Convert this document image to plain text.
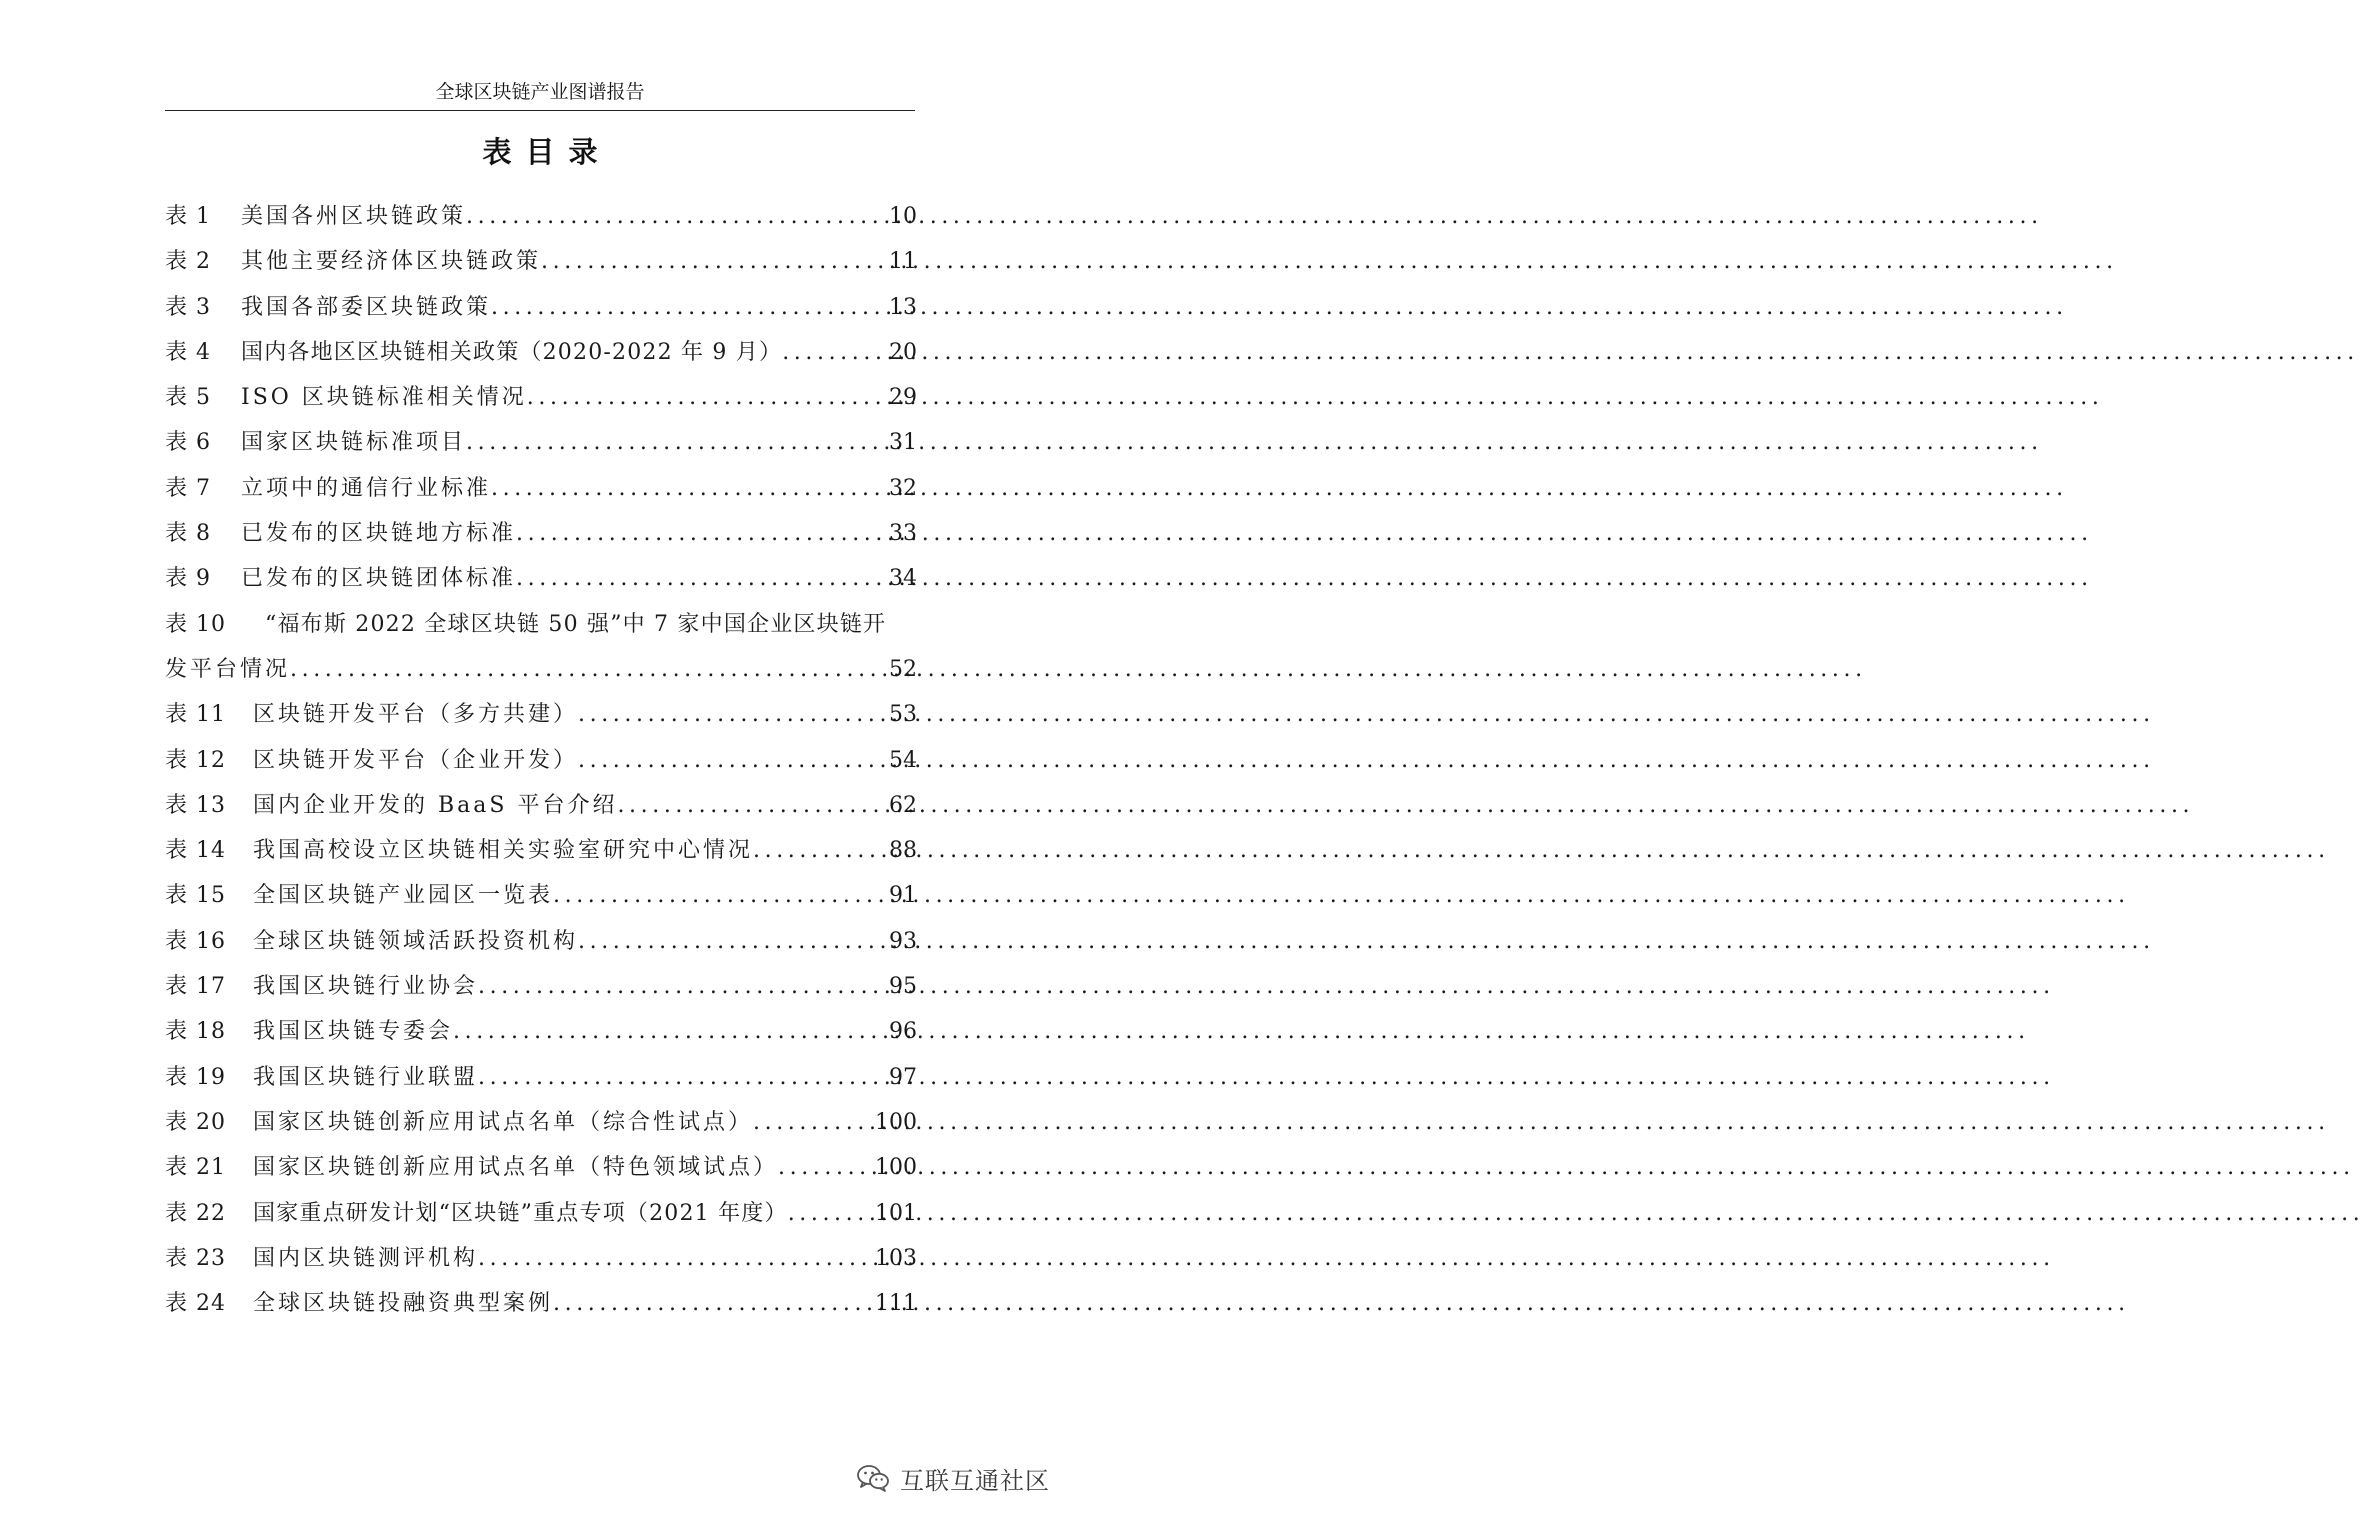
全球区块链产业图谱报告
表目录
表 1	美国各州区块链政策 .....	10
表 2	其他主要经济体区块链政策 .....	11
表 3	我国各部委区块链政策 .....	13
表 4	国内各地区区块链相关政策（2020-2022 年 9 月） .....	20
表 5	ISO 区块链标准相关情况 .....	29
表 6	国家区块链标准项目 .....	31
表 7	立项中的通信行业标准 .....	32
表 8	已发布的区块链地方标准 .....	33
表 9	已发布的区块链团体标准 .....	34
表 10	“福布斯 2022 全球区块链 50 强”中 7 家中国企业区块链开
发平台情况 .....	52
表 11	区块链开发平台（多方共建） .....	53
表 12	区块链开发平台（企业开发） .....	54
表 13	国内企业开发的 BaaS 平台介绍 .....	62
表 14	我国高校设立区块链相关实验室研究中心情况 .....	88
表 15	全国区块链产业园区一览表 .....	91
表 16	全球区块链领域活跃投资机构 .....	93
表 17	我国区块链行业协会 .....	95
表 18	我国区块链专委会 .....	96
表 19	我国区块链行业联盟 .....	97
表 20	国家区块链创新应用试点名单（综合性试点） .....	100
表 21	国家区块链创新应用试点名单（特色领域试点） .....	100
表 22	国家重点研发计划“区块链”重点专项（2021 年度） .....	101
表 23	国内区块链测评机构 .....	103
表 24	全球区块链投融资典型案例 .....	111
互联互通社区
